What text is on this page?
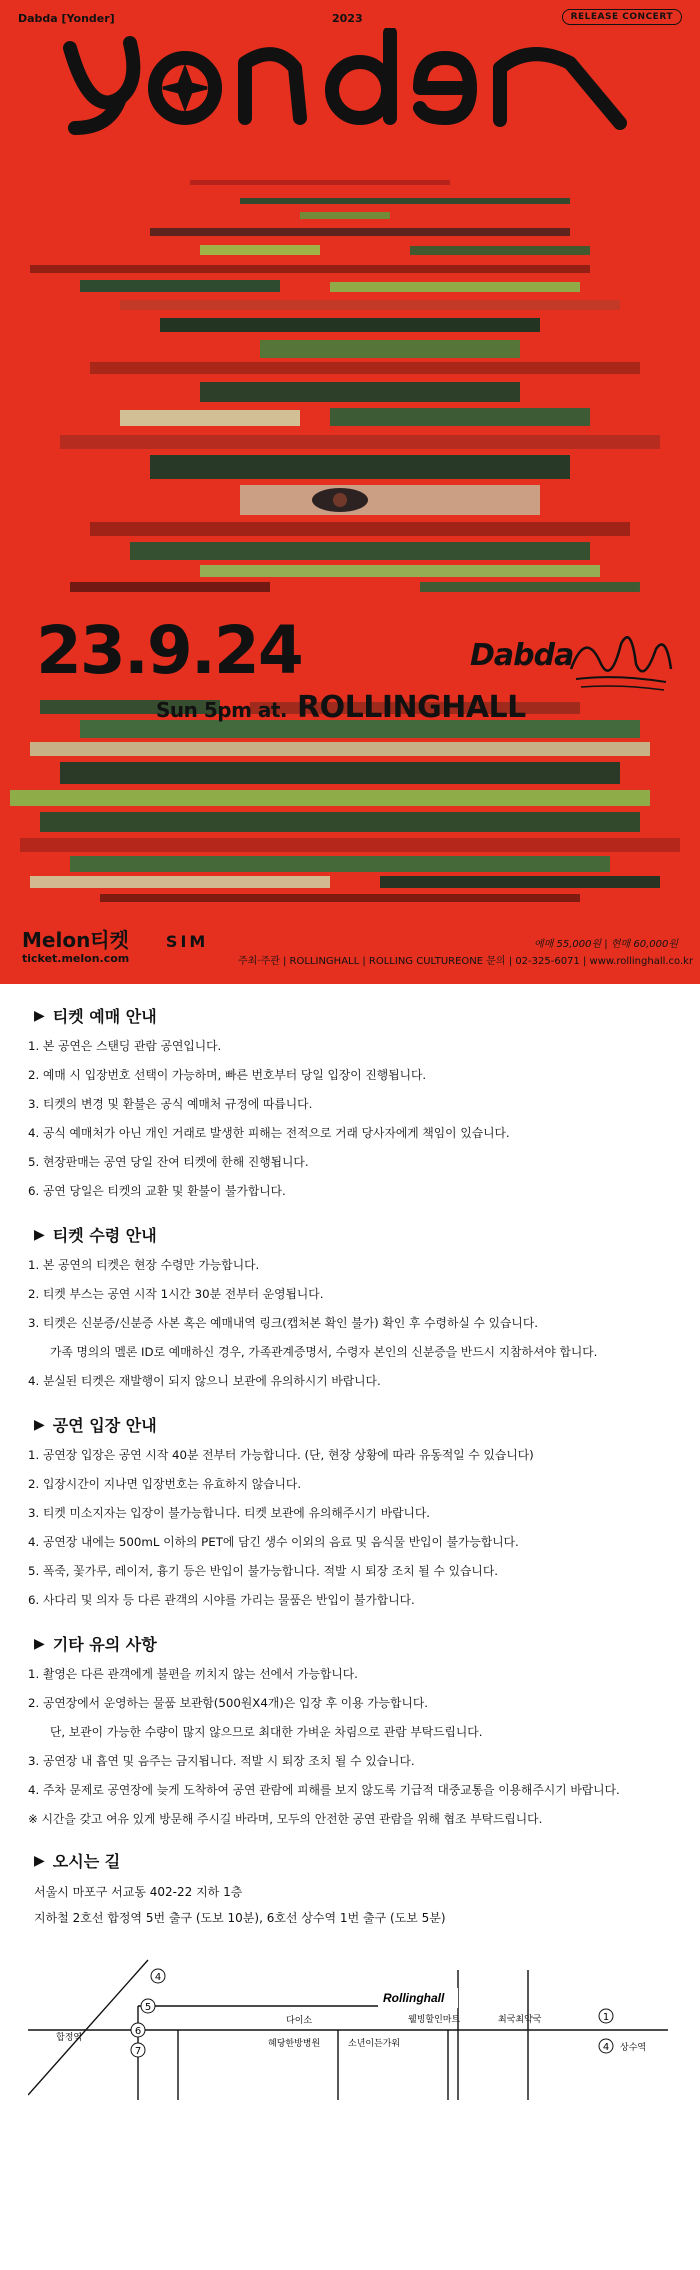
Dabda [Yonder]	2023	RELEASE CONCERT
23.9.24	Dabda
Sun 5pm at. ROLLINGHALL
Melon티켓 SIM
ticket.melon.com	주최·주관 | ROLLINGHALL | ROLLING CULTUREONE 문의 | 02-325-6071 | www.rollinghall.co.kr
예매 55,000원 | 현매 60,000원
▶ 티켓 예매 안내
1. 본 공연은 스탠딩 관람 공연입니다.
2. 예매 시 입장번호 선택이 가능하며, 빠른 번호부터 당일 입장이 진행됩니다.
3. 티켓의 변경 및 환불은 공식 예매처 규정에 따릅니다.
4. 공식 예매처가 아닌 개인 거래로 발생한 피해는 전적으로 거래 당사자에게 책임이 있습니다.
5. 현장판매는 공연 당일 잔여 티켓에 한해 진행됩니다.
6. 공연 당일은 티켓의 교환 및 환불이 불가합니다.
▶ 티켓 수령 안내
1. 본 공연의 티켓은 현장 수령만 가능합니다.
2. 티켓 부스는 공연 시작 1시간 30분 전부터 운영됩니다.
3. 티켓은 신분증/신분증 사본 혹은 예매내역 링크(캡처본 확인 불가) 확인 후 수령하실 수 있습니다.
가족 명의의 멜론 ID로 예매하신 경우, 가족관계증명서, 수령자 본인의 신분증을 반드시 지참하셔야 합니다.
4. 분실된 티켓은 재발행이 되지 않으니 보관에 유의하시기 바랍니다.
▶ 공연 입장 안내
1. 공연장 입장은 공연 시작 40분 전부터 가능합니다. (단, 현장 상황에 따라 유동적일 수 있습니다)
2. 입장시간이 지나면 입장번호는 유효하지 않습니다.
3. 티켓 미소지자는 입장이 불가능합니다. 티켓 보관에 유의해주시기 바랍니다.
4. 공연장 내에는 500mL 이하의 PET에 담긴 생수 이외의 음료 및 음식물 반입이 불가능합니다.
5. 폭죽, 꽃가루, 레이저, 흉기 등은 반입이 불가능합니다. 적발 시 퇴장 조치 될 수 있습니다.
6. 사다리 및 의자 등 다른 관객의 시야를 가리는 물품은 반입이 불가합니다.
▶ 기타 유의 사항
1. 촬영은 다른 관객에게 불편을 끼치지 않는 선에서 가능합니다.
2. 공연장에서 운영하는 물품 보관함(500원X4개)은 입장 후 이용 가능합니다.
단, 보관이 가능한 수량이 많지 않으므로 최대한 가벼운 차림으로 관람 부탁드립니다.
3. 공연장 내 흡연 및 음주는 금지됩니다. 적발 시 퇴장 조치 될 수 있습니다.
4. 주차 문제로 공연장에 늦게 도착하여 공연 관람에 피해를 보지 않도록 기급적 대중교통을 이용해주시기 바랍니다.
※ 시간을 갖고 여유 있게 방문해 주시길 바라며, 모두의 안전한 공연 관람을 위해 협조 부탁드립니다.
▶ 오시는 길
서울시 마포구 서교동 402-22 지하 1층
지하철 2호선 합정역 5번 출구 (도보 10분), 6호선 상수역 1번 출구 (도보 5분)
Rollinghall
4
5
6
7
1
4
합정역
상수역
다이소
혜당한방병원	소년이든가워
웰빙할인마트	최국최약국
